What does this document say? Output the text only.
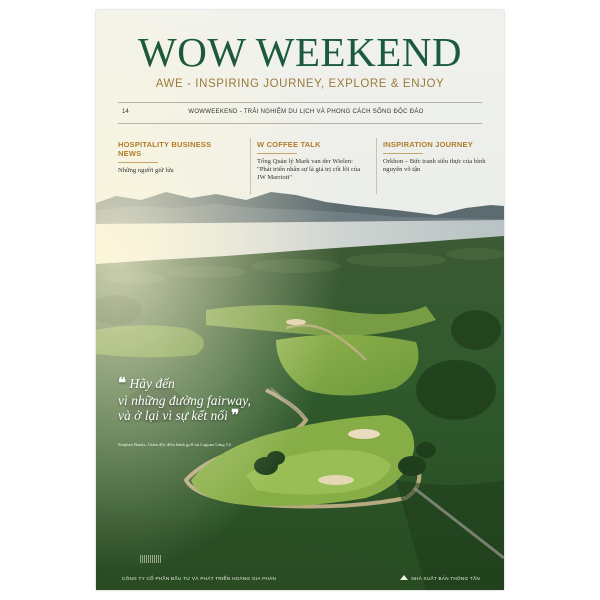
WOW WEEKEND
AWE - INSPIRING JOURNEY, EXPLORE & ENJOY
14	WOWWEEKEND - TRẢI NGHIỆM DU LỊCH VÀ PHONG CÁCH SỐNG ĐỘC ĐÁO
HOSPITALITY BUSINESS NEWS
Những người giữ lửa
W COFFEE TALK
Tổng Quản lý Mark van der Wielen: "Phát triển nhân sự là giá trị cốt lõi của JW Marriott"
INSPIRATION JOURNEY
Orkhon – Bức tranh siêu thực của bình nguyên vô tận
❝ Hãy đến
vì những đường fairway,
và ở lại vì sự kết nối ❞
Stephen Banks, Giám đốc điều hành golf tại Laguna Lăng Cô
CÔNG TY CỔ PHẦN ĐẦU TƯ VÀ PHÁT TRIỂN HOÀNG GIA PHÁN	NHÀ XUẤT BẢN THÔNG TẤN
